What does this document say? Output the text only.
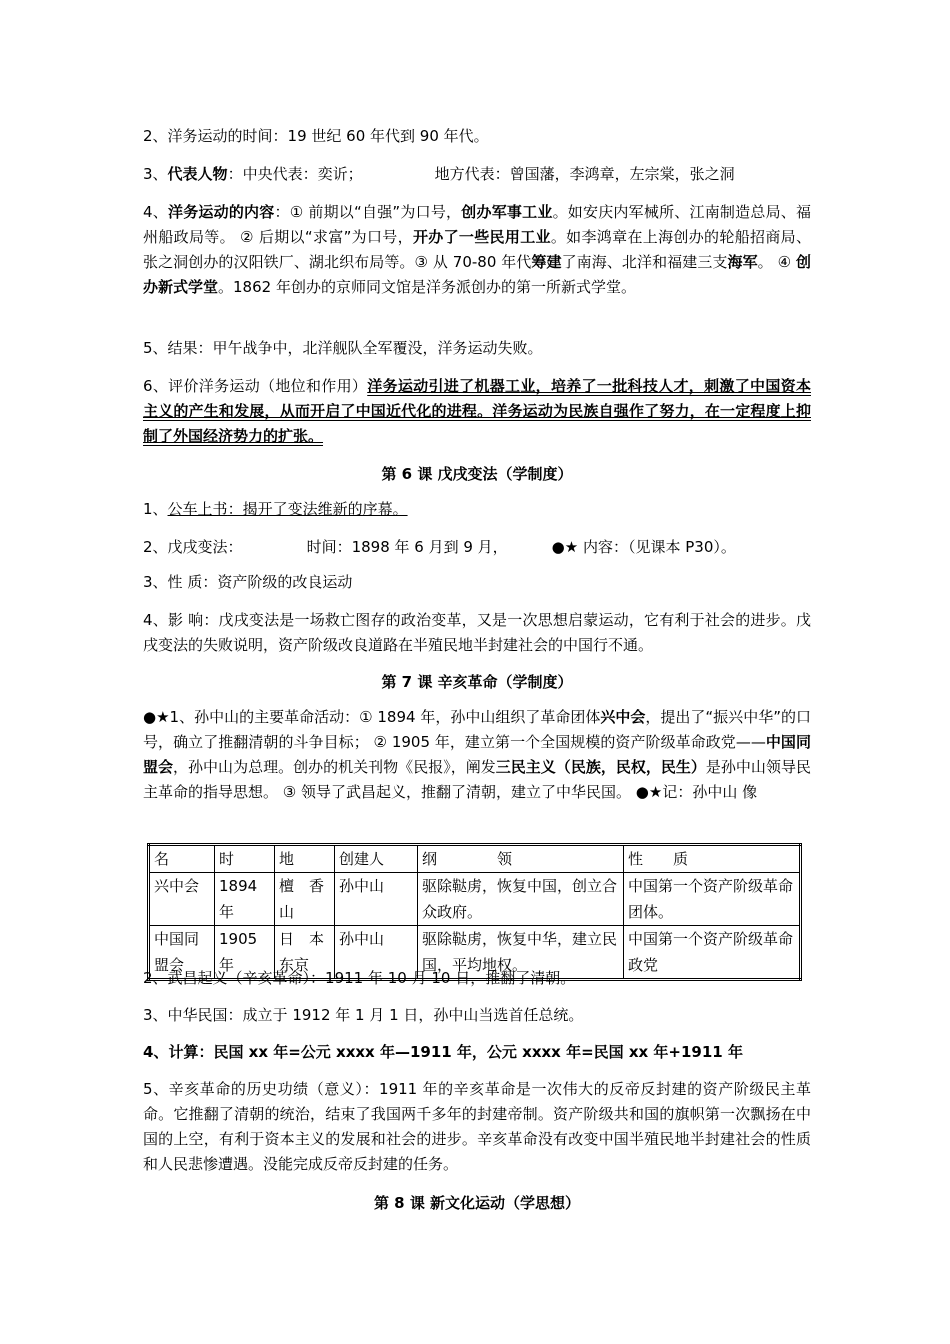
2、洋务运动的时间：19 世纪 60 年代到 90 年代。

3、代表人物：中央代表：奕䜣；	地方代表：曾国藩，李鸿章，左宗棠，张之洞

4、洋务运动的内容：① 前期以“自强”为口号，创办军事工业。如安庆内军械所、江南制造总局、福州船政局等。 ② 后期以“求富”为口号，开办了一些民用工业。如李鸿章在上海创办的轮船招商局、张之洞创办的汉阳铁厂、湖北织布局等。③ 从 70-80 年代筹建了南海、北洋和福建三支海军。 ④ 创办新式学堂。1862 年创办的京师同文馆是洋务派创办的第一所新式学堂。

5、结果：甲午战争中，北洋舰队全军覆没，洋务运动失败。

6、评价洋务运动（地位和作用）洋务运动引进了机器工业，培养了一批科技人才，刺激了中国资本主义的产生和发展，从而开启了中国近代化的进程。洋务运动为民族自强作了努力，在一定程度上抑制了外国经济势力的扩张。

第 6 课 戊戌变法（学制度）

1、公车上书：揭开了变法维新的序幕。

2、戊戌变法：	时间：1898 年 6 月到 9 月，	●★ 内容：（见课本 P30）。

3、性 质：资产阶级的改良运动

4、影 响：戊戌变法是一场救亡图存的政治变革，又是一次思想启蒙运动，它有利于社会的进步。戊戌变法的失败说明，资产阶级改良道路在半殖民地半封建社会的中国行不通。

第 7 课 辛亥革命（学制度）

●★1、孙中山的主要革命活动：① 1894 年，孙中山组织了革命团体兴中会，提出了“振兴中华”的口号，确立了推翻清朝的斗争目标； ② 1905 年，建立第一个全国规模的资产阶级革命政党——中国同盟会，孙中山为总理。创办的机关刊物《民报》，阐发三民主义（民族，民权，民生）是孙中山领导民主革命的指导思想。 ③ 领导了武昌起义，推翻了清朝，建立了中华民国。 ●★记：孙中山 像

名	时	地	创建人	纲　　　　领	性　　质
兴中会	1894年	檀　香山	孙中山	驱除鞑虏，恢复中国，创立合众政府。	中国第一个资产阶级革命团体。
中国同盟会	1905年	日　本东京	孙中山	驱除鞑虏，恢复中华，建立民国，平均地权。	中国第一个资产阶级革命政党

2、武昌起义（辛亥革命）：1911 年 10 月 10 日，推翻了清朝。

3、中华民国：成立于 1912 年 1 月 1 日，孙中山当选首任总统。

4、计算：民国 xx 年=公元 xxxx 年—1911 年，公元 xxxx 年=民国 xx 年+1911 年

5、辛亥革命的历史功绩（意义）：1911 年的辛亥革命是一次伟大的反帝反封建的资产阶级民主革命。它推翻了清朝的统治，结束了我国两千多年的封建帝制。资产阶级共和国的旗帜第一次飘扬在中国的上空，有利于资本主义的发展和社会的进步。辛亥革命没有改变中国半殖民地半封建社会的性质和人民悲惨遭遇。没能完成反帝反封建的任务。

第 8 课 新文化运动（学思想）
